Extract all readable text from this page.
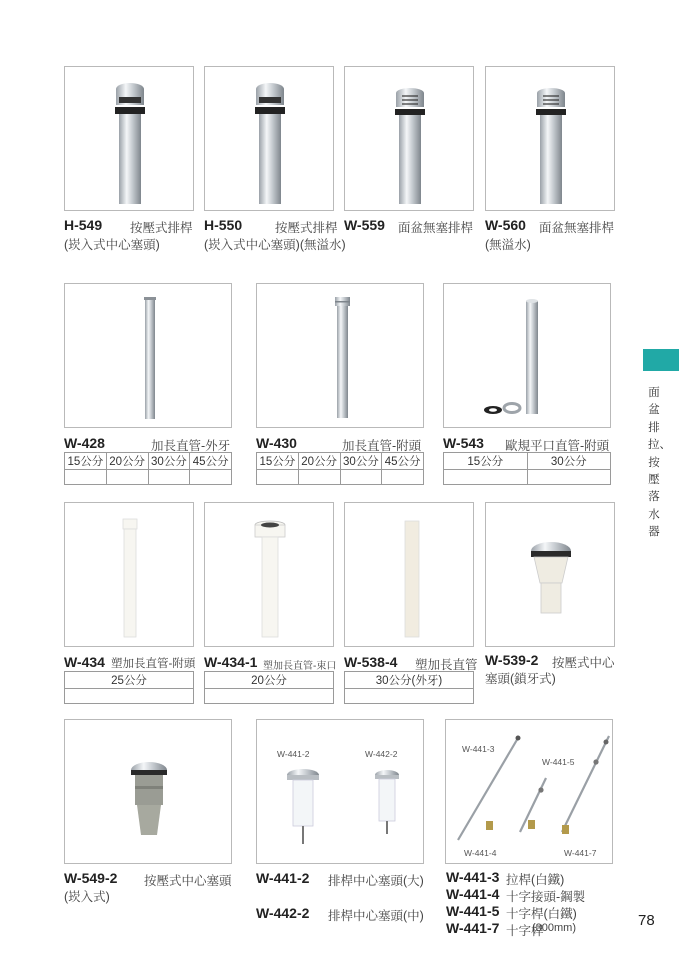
H-549 按壓式排桿
(崁入式中心塞頭)
H-550	按壓式排桿
(崁入式中心塞頭)(無溢水)
W-559 面盆無塞排桿 W-560 面盆無塞排桿
(無溢水)
W-428	加長直管-外牙
15公分	20公分	30公分	45公分

W-430	加長直管-附頭
15公分	20公分	30公分	45公分

W-543 歐規平口直管-附頭
15公分	30公分

W-434 塑加長直管-附頭
25公分

W-434-1 塑加長直管-束口
20公分

W-538-4 塑加長直管
30公分(外牙)

W-539-2 按壓式中心
塞頭(鎖牙式)
W-441-2	W-442-2	W-441-3
W-441-5
W-441-4	W-441-7
W-549-2 按壓式中心塞頭
(崁入式)
W-441-2 排桿中心塞頭(大)
W-442-2 排桿中心塞頭(中)
W-441-3 拉桿(白鐵)
W-441-4 十字接頭-鋼製
W-441-5 十字桿(白鐵)
W-441-7 十字桿
(300mm)
面盆排拉、按壓落水器
78
